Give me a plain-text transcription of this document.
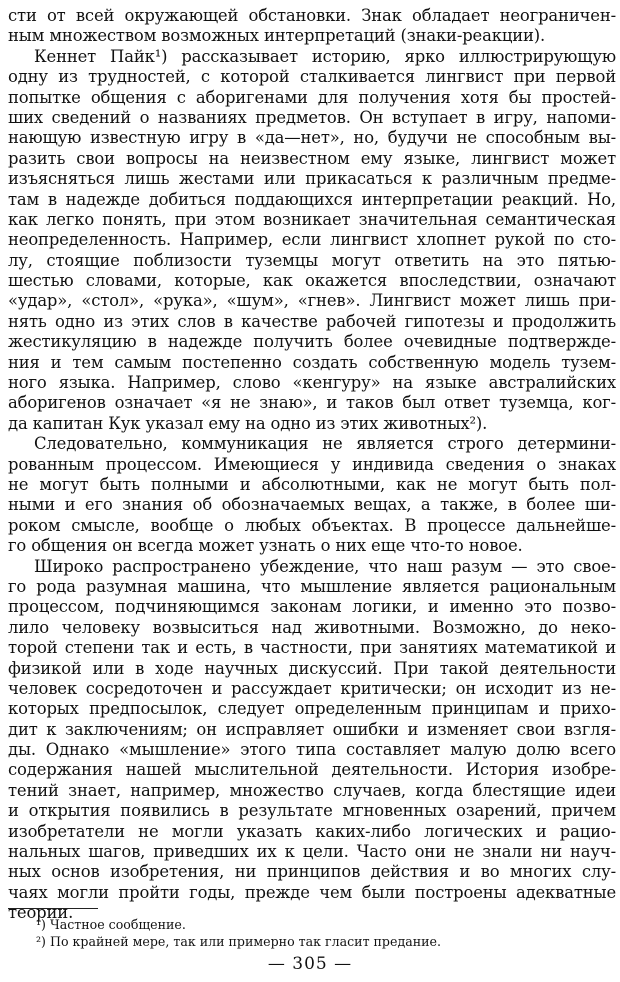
сти от всей окружающей обстановки. Знак обладает неограничен-
ным множеством возможных интерпретаций (знаки-реакции).
Кеннет Пайк¹) рассказывает историю, ярко иллюстрирующую
одну из трудностей, с которой сталкивается лингвист при первой
попытке общения с аборигенами для получения хотя бы простей-
ших сведений о названиях предметов. Он вступает в игру, напоми-
нающую известную игру в «да—нет», но, будучи не способным вы-
разить свои вопросы на неизвестном ему языке, лингвист может
изъясняться лишь жестами или прикасаться к различным предме-
там в надежде добиться поддающихся интерпретации реакций. Но,
как легко понять, при этом возникает значительная семантическая
неопределенность. Например, если лингвист хлопнет рукой по сто-
лу, стоящие поблизости туземцы могут ответить на это пятью-
шестью словами, которые, как окажется впоследствии, означают
«удар», «стол», «рука», «шум», «гнев». Лингвист может лишь при-
нять одно из этих слов в качестве рабочей гипотезы и продолжить
жестикуляцию в надежде получить более очевидные подтвержде-
ния и тем самым постепенно создать собственную модель тузем-
ного языка. Например, слово «кенгуру» на языке австралийских
аборигенов означает «я не знаю», и таков был ответ туземца, ког-
да капитан Кук указал ему на одно из этих животных²).
Следовательно, коммуникация не является строго детермини-
рованным процессом. Имеющиеся у индивида сведения о знаках
не могут быть полными и абсолютными, как не могут быть пол-
ными и его знания об обозначаемых вещах, а также, в более ши-
роком смысле, вообще о любых объектах. В процессе дальнейше-
го общения он всегда может узнать о них еще что-то новое.
Широко распространено убеждение, что наш разум — это свое-
го рода разумная машина, что мышление является рациональным
процессом, подчиняющимся законам логики, и именно это позво-
лило человеку возвыситься над животными. Возможно, до неко-
торой степени так и есть, в частности, при занятиях математикой и
физикой или в ходе научных дискуссий. При такой деятельности
человек сосредоточен и рассуждает критически; он исходит из не-
которых предпосылок, следует определенным принципам и прихо-
дит к заключениям; он исправляет ошибки и изменяет свои взгля-
ды. Однако «мышление» этого типа составляет малую долю всего
содержания нашей мыслительной деятельности. История изобре-
тений знает, например, множество случаев, когда блестящие идеи
и открытия появились в результате мгновенных озарений, причем
изобретатели не могли указать каких-либо логических и рацио-
нальных шагов, приведших их к цели. Часто они не знали ни науч-
ных основ изобретения, ни принципов действия и во многих слу-
чаях могли пройти годы, прежде чем были построены адекватные
теории.
¹) Частное сообщение.
²) По крайней мере, так или примерно так гласит предание.
— 305 —
